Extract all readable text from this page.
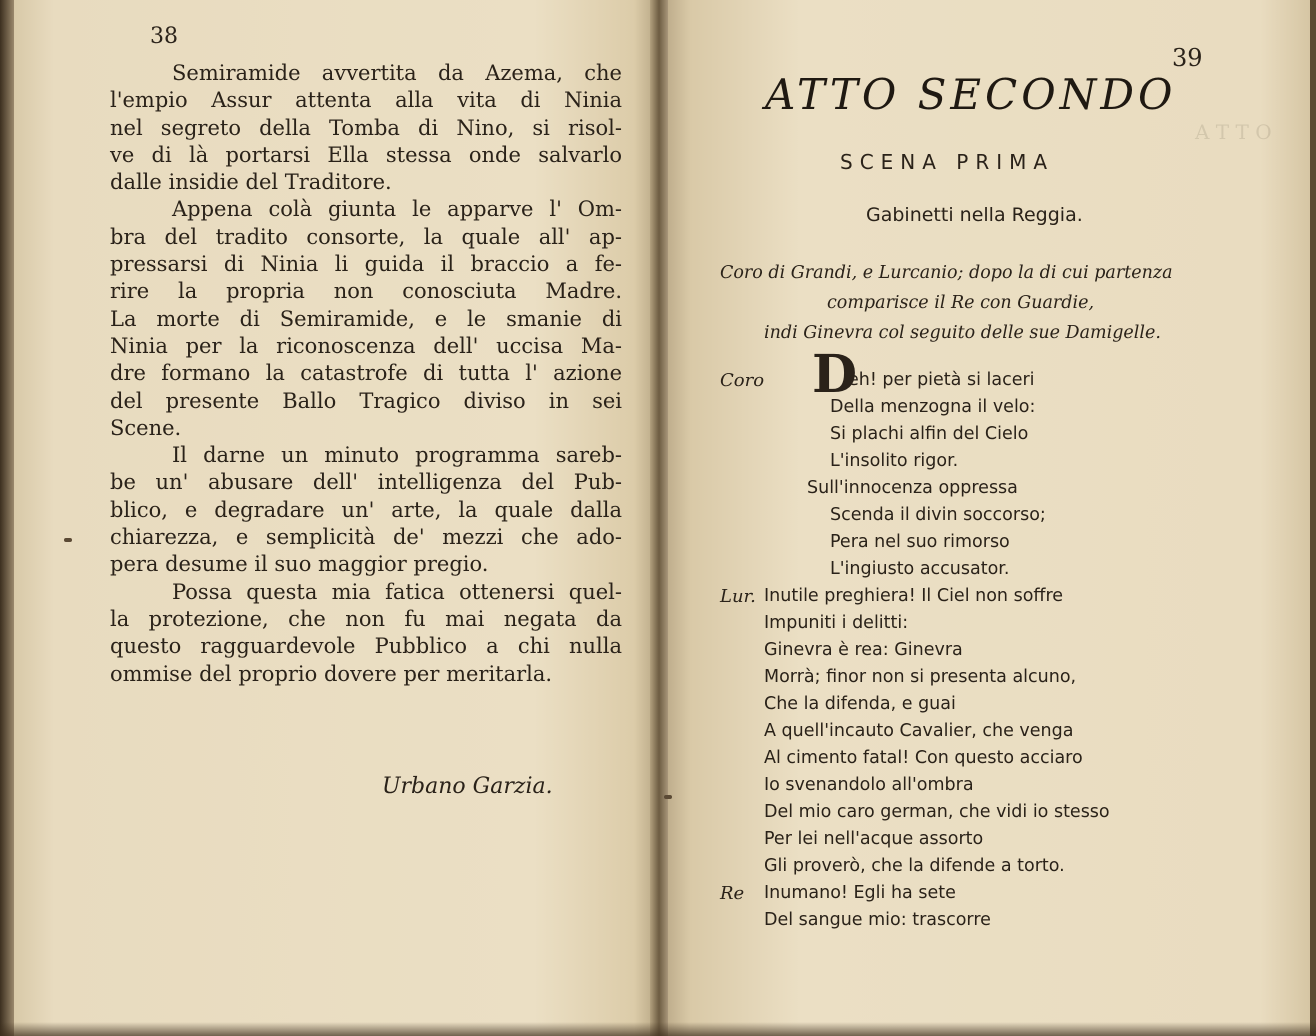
A T T O
38

Semiramide avvertita da Azema, che
l'empio Assur attenta alla vita di Ninia
nel segreto della Tomba di Nino, si risol-
ve di là portarsi Ella stessa onde salvarlo
dalle insidie del Traditore.

Appena colà giunta le apparve l' Om-
bra del tradito consorte, la quale all' ap-
pressarsi di Ninia li guida il braccio a fe-
rire la propria non conosciuta Madre.
La morte di Semiramide, e le smanie di
Ninia per la riconoscenza dell' uccisa Ma-
dre formano la catastrofe di tutta l' azione
del presente Ballo Tragico diviso in sei
Scene.

Il darne un minuto programma sareb-
be un' abusare dell' intelligenza del Pub-
blico, e degradare un' arte, la quale dalla
chiarezza, e semplicità de' mezzi che ado-
pera desume il suo maggior pregio.

Possa questa mia fatica ottenersi quel-
la protezione, che non fu mai negata da
questo ragguardevole Pubblico a chi nulla
ommise del proprio dovere per meritarla.

Urbano Garzia.
39
ATTO SECONDO
SCENA PRIMA
Gabinetti nella Reggia.
Coro di Grandi, e Lurcanio; dopo la di cui partenza
comparisce il Re con Guardie,
indi Ginevra col seguito delle sue Damigelle.
Coro D
eh! per pietà si laceri
Della menzogna il velo:
Si plachi alfin del Cielo
L'insolito rigor.
Sull'innocenza oppressa
Scenda il divin soccorso;
Pera nel suo rimorso
L'ingiusto accusator.
Lur. Inutile preghiera! Il Ciel non soffre
Impuniti i delitti:
Ginevra è rea: Ginevra
Morrà; finor non si presenta alcuno,
Che la difenda, e guai
A quell'incauto Cavalier, che venga
Al cimento fatal! Con questo acciaro
Io svenandolo all'ombra
Del mio caro german, che vidi io stesso
Per lei nell'acque assorto
Gli proverò, che la difende a torto.
Re Inumano! Egli ha sete
Del sangue mio: trascorre
